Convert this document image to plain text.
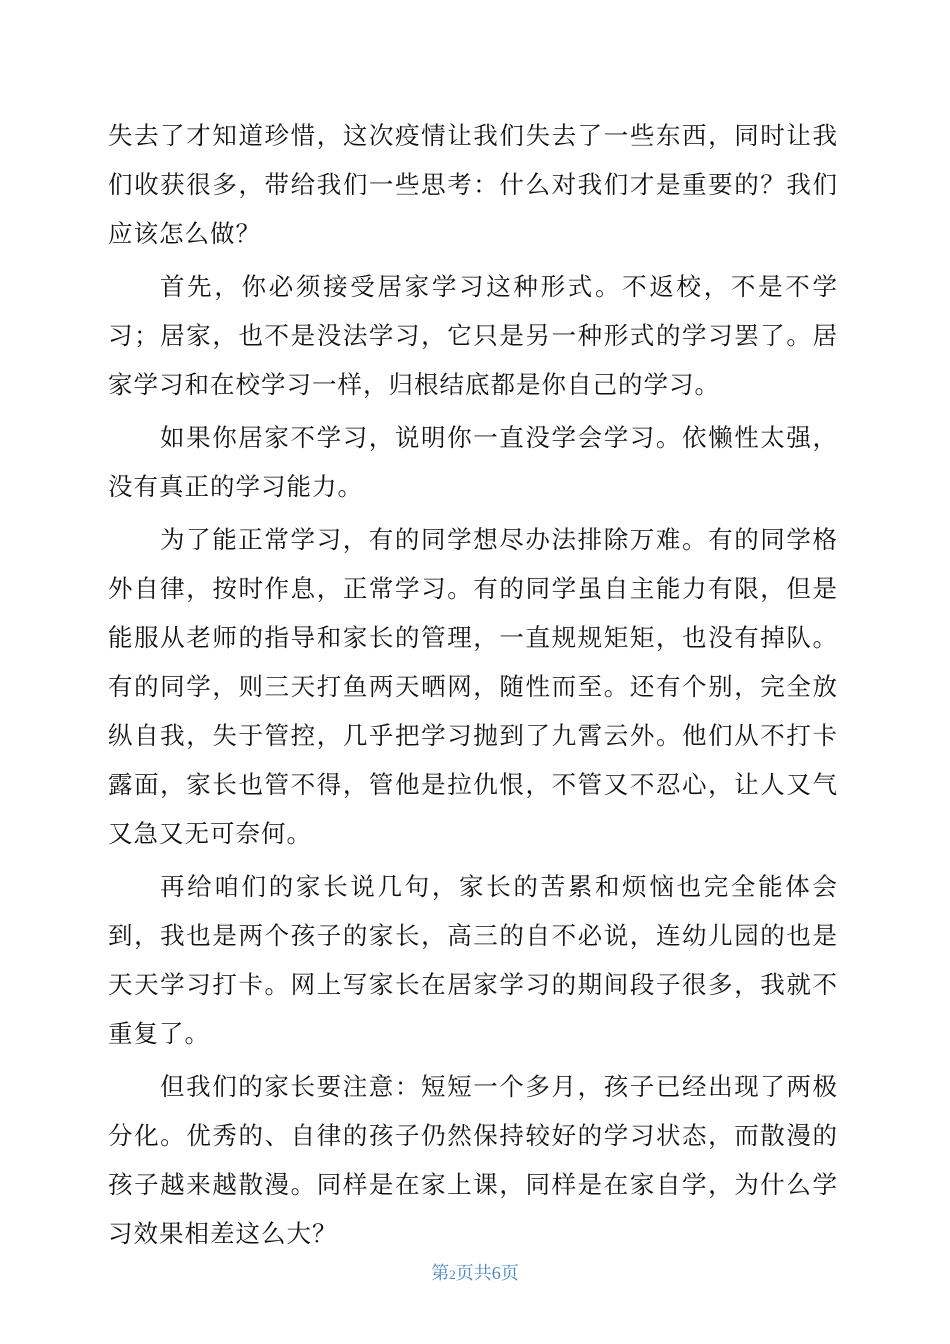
失去了才知道珍惜，这次疫情让我们失去了一些东西，同时让我们收获很多，带给我们一些思考：什么对我们才是重要的？我们应该怎么做？

首先，你必须接受居家学习这种形式。不返校，不是不学习；居家，也不是没法学习，它只是另一种形式的学习罢了。居家学习和在校学习一样，归根结底都是你自己的学习。

如果你居家不学习，说明你一直没学会学习。依懒性太强，没有真正的学习能力。

为了能正常学习，有的同学想尽办法排除万难。有的同学格外自律，按时作息，正常学习。有的同学虽自主能力有限，但是能服从老师的指导和家长的管理，一直规规矩矩，也没有掉队。有的同学，则三天打鱼两天晒网，随性而至。还有个别，完全放纵自我，失于管控，几乎把学习抛到了九霄云外。他们从不打卡露面，家长也管不得，管他是拉仇恨，不管又不忍心，让人又气又急又无可奈何。

再给咱们的家长说几句，家长的苦累和烦恼也完全能体会到，我也是两个孩子的家长，高三的自不必说，连幼儿园的也是天天学习打卡。网上写家长在居家学习的期间段子很多，我就不重复了。

但我们的家长要注意：短短一个多月，孩子已经出现了两极分化。优秀的、自律的孩子仍然保持较好的学习状态，而散漫的孩子越来越散漫。同样是在家上课，同样是在家自学，为什么学习效果相差这么大？

第2页共6页
